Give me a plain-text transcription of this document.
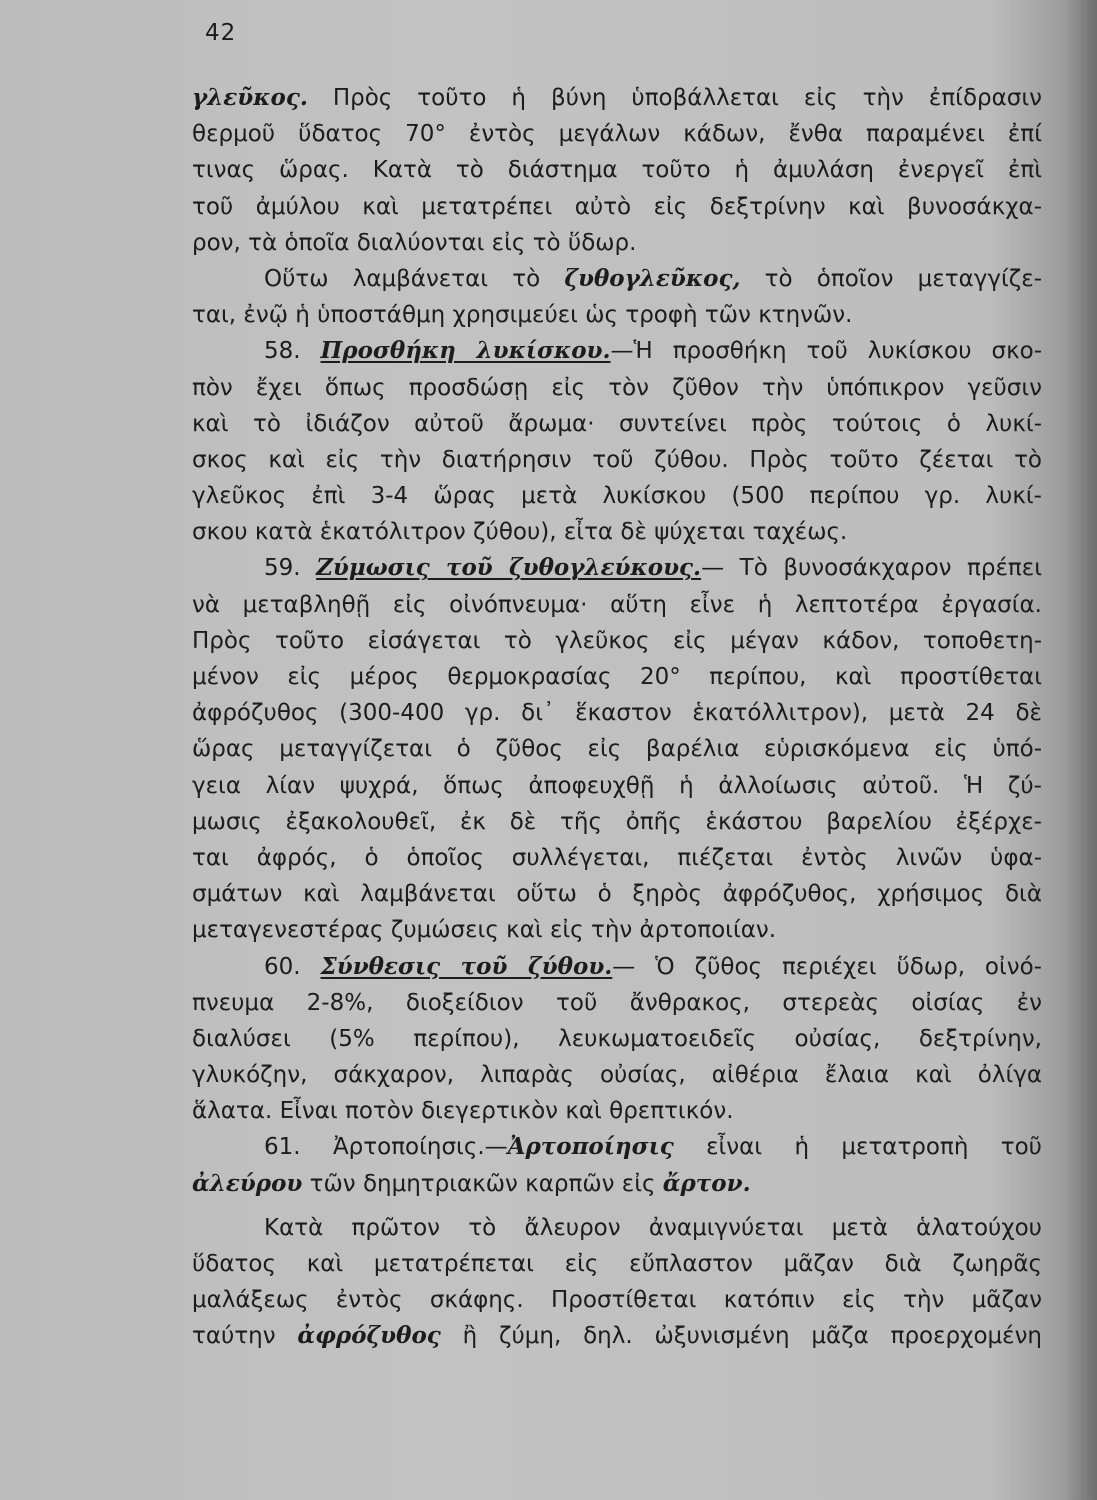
42
γλεῦκος. Πρὸς τοῦτο ἡ βύνη ὑποβάλλεται εἰς τὴν ἐπίδρασιν
θερμοῦ ὕδατος 70° ἐντὸς μεγάλων κάδων, ἔνθα παραμένει ἐπί
τινας ὥρας. Κατὰ τὸ διάστημα τοῦτο ἡ ἀμυλάση ἐνεργεῖ ἐπὶ
τοῦ ἀμύλου καὶ μετατρέπει αὐτὸ εἰς δεξτρίνην καὶ βυνοσάκχα-
ρον, τὰ ὁποῖα διαλύονται εἰς τὸ ὕδωρ.
Οὕτω λαμβάνεται τὸ ζυθογλεῦκος, τὸ ὁποῖον μεταγγίζε-
ται, ἐνῷ ἡ ὑποστάθμη χρησιμεύει ὡς τροφὴ τῶν κτηνῶν.
58. Προσθήκη λυκίσκου.—Ἡ προσθήκη τοῦ λυκίσκου σκο-
πὸν ἔχει ὅπως προσδώσῃ εἰς τὸν ζῦθον τὴν ὑπόπικρον γεῦσιν
καὶ τὸ ἰδιάζον αὐτοῦ ἄρωμα· συντείνει πρὸς τούτοις ὁ λυκί-
σκος καὶ εἰς τὴν διατήρησιν τοῦ ζύθου. Πρὸς τοῦτο ζέεται τὸ
γλεῦκος ἐπὶ 3-4 ὥρας μετὰ λυκίσκου (500 περίπου γρ. λυκί-
σκου κατὰ ἑκατόλιτρον ζύθου), εἶτα δὲ ψύχεται ταχέως.
59. Ζύμωσις τοῦ ζυθογλεύκους.— Τὸ βυνοσάκχαρον πρέπει
νὰ μεταβληθῇ εἰς οἰνόπνευμα· αὕτη εἶνε ἡ λεπτοτέρα ἐργασία.
Πρὸς τοῦτο εἰσάγεται τὸ γλεῦκος εἰς μέγαν κάδον, τοποθετη-
μένον εἰς μέρος θερμοκρασίας 20° περίπου, καὶ προστίθεται
ἀφρόζυθος (300-400 γρ. δι᾽ ἕκαστον ἑκατόλλιτρον), μετὰ 24 δὲ
ὥρας μεταγγίζεται ὁ ζῦθος εἰς βαρέλια εὑρισκόμενα εἰς ὑπό-
γεια λίαν ψυχρά, ὅπως ἀποφευχθῇ ἡ ἀλλοίωσις αὐτοῦ. Ἡ ζύ-
μωσις ἐξακολουθεῖ, ἐκ δὲ τῆς ὀπῆς ἑκάστου βαρελίου ἐξέρχε-
ται ἀφρός, ὁ ὁποῖος συλλέγεται, πιέζεται ἐντὸς λινῶν ὑφα-
σμάτων καὶ λαμβάνεται οὕτω ὁ ξηρὸς ἀφρόζυθος, χρήσιμος διὰ
μεταγενεστέρας ζυμώσεις καὶ εἰς τὴν ἀρτοποιίαν.
60. Σύνθεσις τοῦ ζύθου.— Ὁ ζῦθος περιέχει ὕδωρ, οἰνό-
πνευμα 2-8%, διοξείδιον τοῦ ἄνθρακος, στερεὰς οἰσίας ἐν
διαλύσει (5% περίπου), λευκωματοειδεῖς οὐσίας, δεξτρίνην,
γλυκόζην, σάκχαρον, λιπαρὰς οὐσίας, αἰθέρια ἔλαια καὶ ὀλίγα
ἅλατα. Εἶναι ποτὸν διεγερτικὸν καὶ θρεπτικόν.
61. Ἀρτοποίησις.—Ἀρτοποίησις εἶναι ἡ μετατροπὴ τοῦ
ἀλεύρου τῶν δημητριακῶν καρπῶν εἰς ἄρτον.
Κατὰ πρῶτον τὸ ἄλευρον ἀναμιγνύεται μετὰ ἁλατούχου
ὕδατος καὶ μετατρέπεται εἰς εὔπλαστον μᾶζαν διὰ ζωηρᾶς
μαλάξεως ἐντὸς σκάφης. Προστίθεται κατόπιν εἰς τὴν μᾶζαν
ταύτην ἀφρόζυθος ἢ ζύμη, δηλ. ὠξυνισμένη μᾶζα προερχομένη
